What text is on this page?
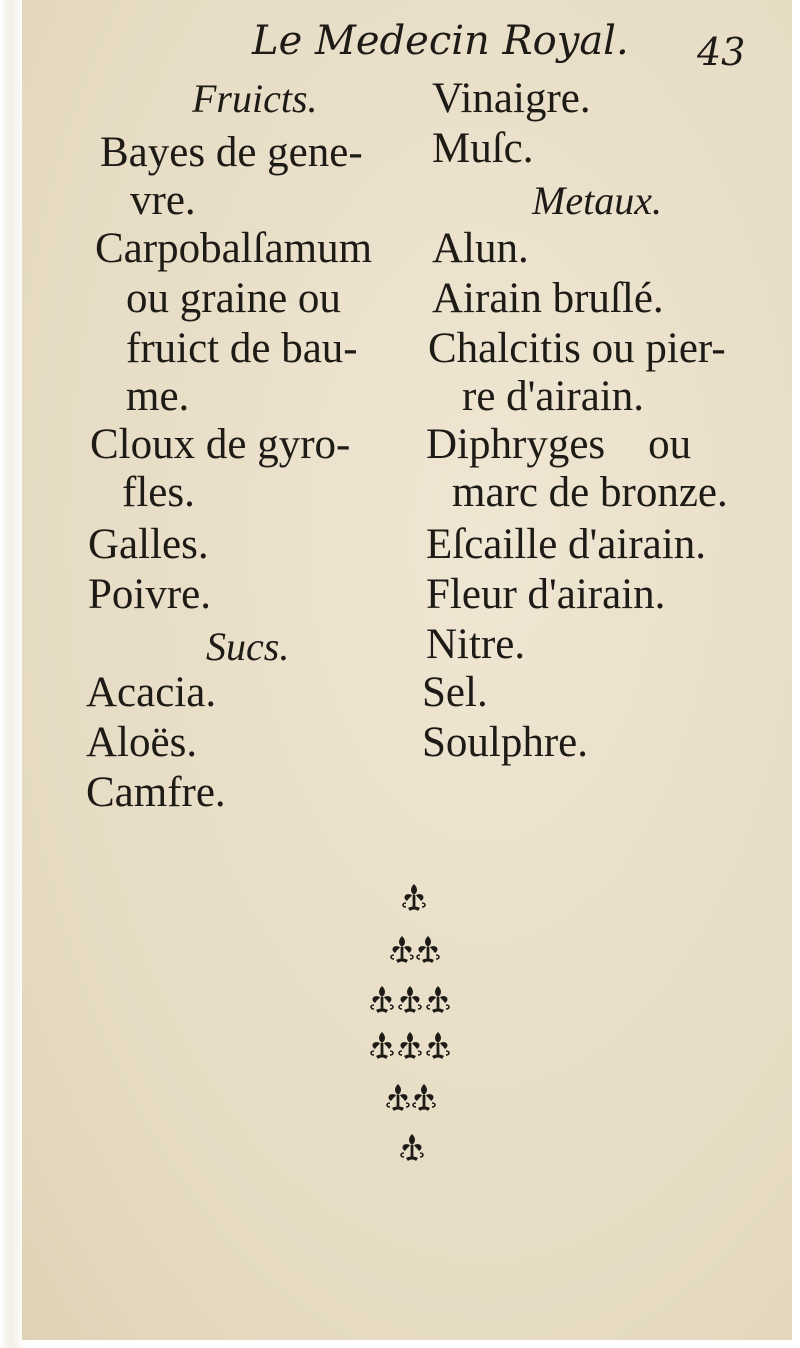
Le Medecin Royal. 43
Fruicts.
Bayes de gene-
vre.
Carpobalſamum
ou graine ou
fruict de bau-
me.
Cloux de gyro-
fles.
Galles.
Poivre.
Sucs.
Acacia.
Aloës.
Camfre.
Vinaigre.
Muſc.
Metaux.
Alun.
Airain bruſlé.
Chalcitis ou pier-
re d'airain.
Diphryges    ou
marc de bronze.
Eſcaille d'airain.
Fleur d'airain.
Nitre.
Sel.
Soulphre.
